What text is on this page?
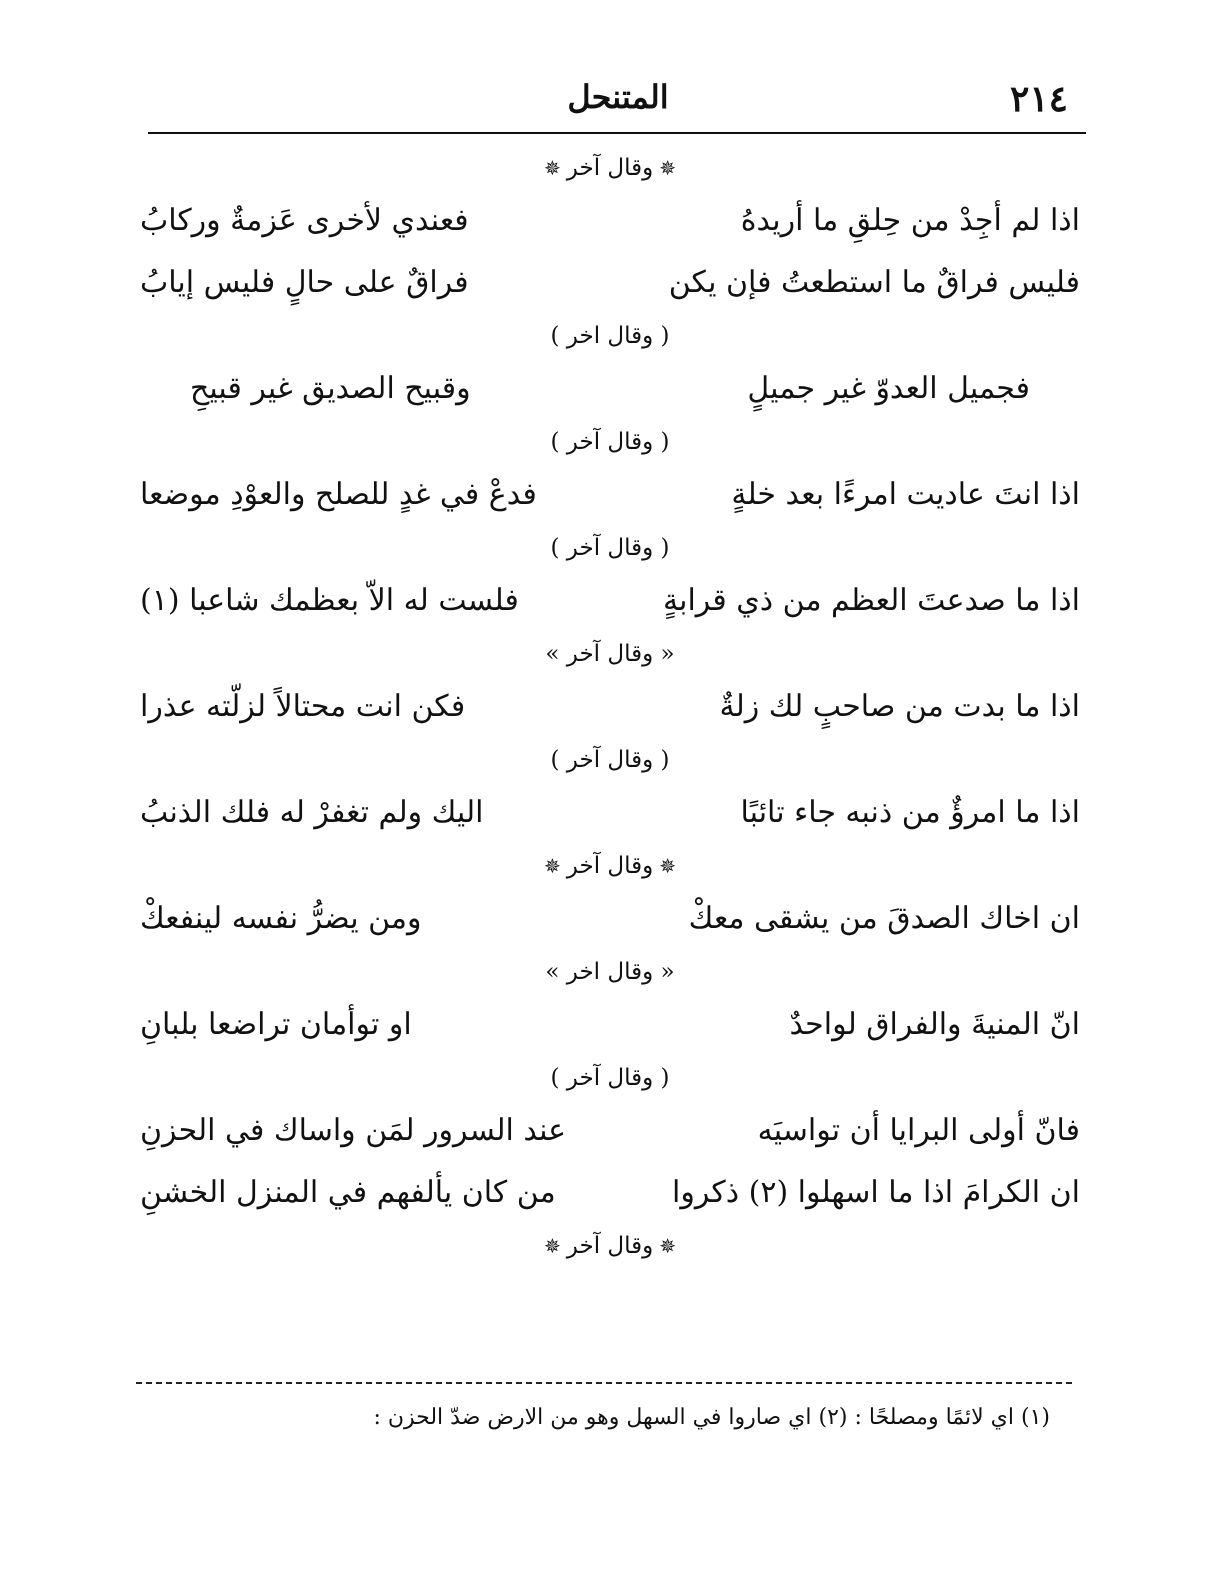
٢١٤
المتنحل
✵وقال آخر✵
اذا لم أجِدْ من حِلقِ ما أريدهُ
فعندي لأخرى عَزمةٌ وركابُ
فليس فراقٌ ما استطعتُ فإن يكن
فراقٌ على حالٍ فليس إيابُ
( وقال اخر )
فجميل العدوّ غير جميلٍ
وقبيح الصديق غير قبيحِ
( وقال آخر )
اذا انتَ عاديت امرءًا بعد خلةٍ
فدعْ في غدٍ للصلح والعوْدِ موضعا
( وقال آخر )
اذا ما صدعتَ العظم من ذي قرابةٍ
فلست له الاّ بعظمك شاعبا (١)
« وقال آخر »
اذا ما بدت من صاحبٍ لك زلةٌ
فكن انت محتالاً لزلّته عذرا
( وقال آخر )
اذا ما امرؤٌ من ذنبه جاء تائبًا
اليك ولم تغفرْ له فلك الذنبُ
✵وقال آخر✵
ان اخاك الصدقَ من يشقى معكْ
ومن يضرُّ نفسه لينفعكْ
« وقال اخر »
انّ المنيةَ والفراق لواحدٌ
او توأمان تراضعا بلبانِ
( وقال آخر )
فانّ أولى البرايا أن تواسيَه
عند السرور لمَن واساك في الحزنِ
ان الكرامَ اذا ما اسهلوا (٢) ذكروا
من كان يألفهم في المنزل الخشنِ
✵وقال آخر✵
(١) اي لائمًا ومصلحًا : (٢) اي صاروا في السهل وهو من الارض ضدّ الحزن :
